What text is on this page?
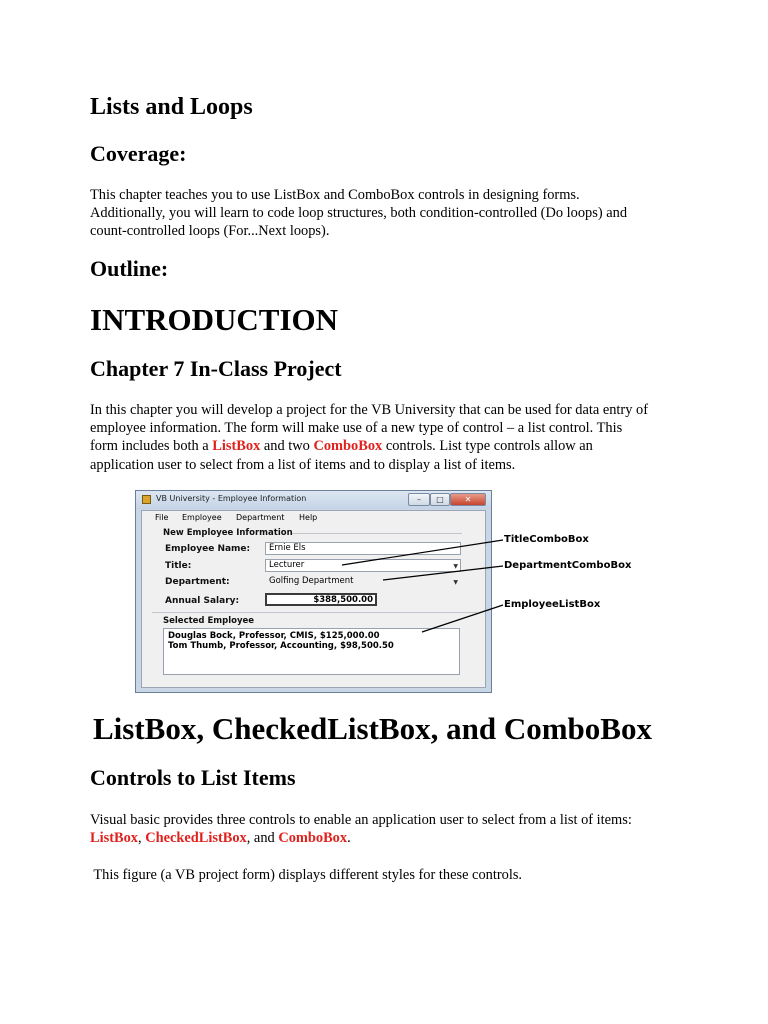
Lists and Loops
Coverage:

This chapter teaches you to use ListBox and ComboBox controls in designing forms.
Additionally, you will learn to code loop structures, both condition-controlled (Do loops) and
count-controlled loops (For...Next loops).

Outline:
INTRODUCTION
Chapter 7 In-Class Project

In this chapter you will develop a project for the VB University that can be used for data entry of
employee information. The form will make use of a new type of control – a list control. This
form includes both a ListBox and two ComboBox controls. List type controls allow an
application user to select from a list of items and to display a list of items.

VB University - Employee Information	–	□	✕
File Employee Department Help
New Employee Information
Employee Name:	Ernie Els
Title:	Lecturer	▼
Department:	Golfing Department	▼
Annual Salary:	$388,500.00
Selected Employee
Douglas Bock, Professor, CMIS, $125,000.00
Tom Thumb, Professor, Accounting, $98,500.50
TitleComboBox
DepartmentComboBox
EmployeeListBox
ListBox, CheckedListBox, and ComboBox
Controls to List Items

Visual basic provides three controls to enable an application user to select from a list of items:
ListBox, CheckedListBox, and ComboBox.

This figure (a VB project form) displays different styles for these controls.
